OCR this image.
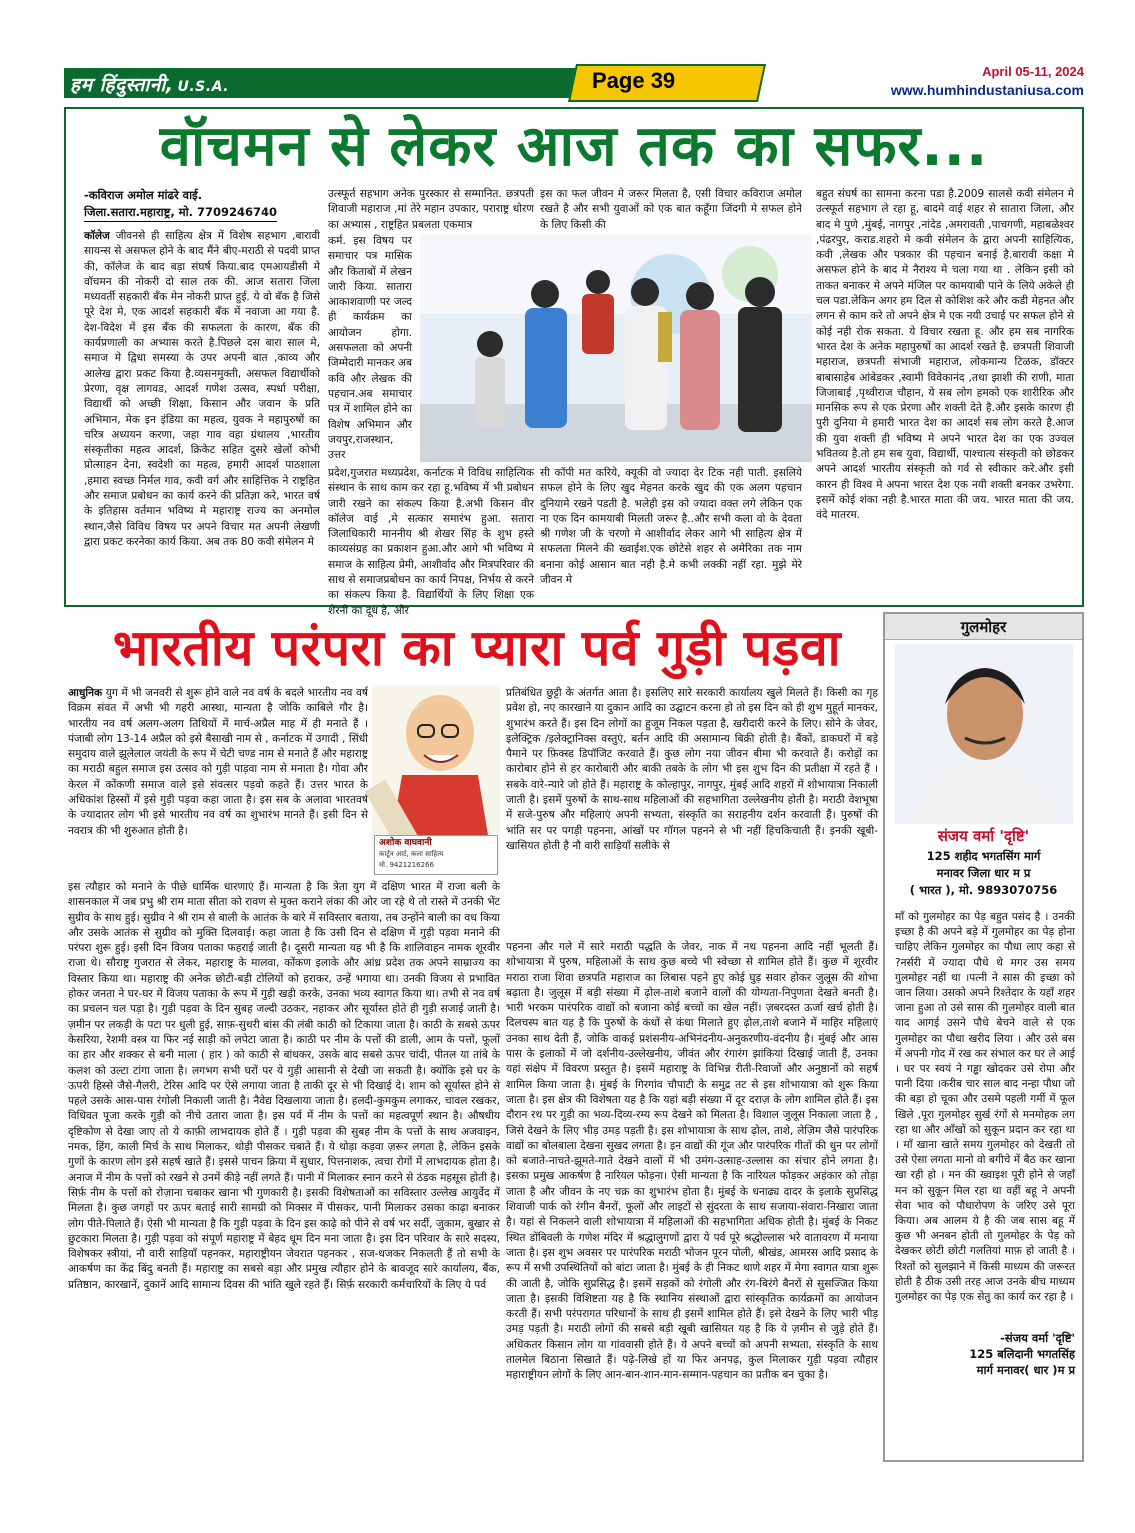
हम हिंदुस्तानी, U.S.A.	Page 39	April 05-11, 2024
www.humhindustaniusa.com
वॉचमन से लेकर आज तक का सफर...
-कविराज अमोल मांढरे वाई.
जिला.सतारा.महाराष्ट्र, मो. 7709246740
कॉलेज जीवनसे ही साहित्य क्षेत्र में विशेष सहभाग ,बारावी सायन्स से असफल होने के बाद मैंने बीए-मराठी से पदवी प्राप्त की, कॉलेज के बाद बड़ा संघर्ष किया.बाद एमआयडीसी मे वॉचमन की नोकरी दो साल तक की. आज सतारा जिला मध्यवर्ती सहकारी बँक मेन नोकरी प्राप्त हुई. ये वो बँक है जिसे पूरे देश मे, एक आदर्श सहकारी बँक में नवाजा आ गया है. देश-विदेश में इस बँक की सफलता के कारण, बँक की कार्यप्रणाली का अभ्यास करते है.पिछले दस बारा साल मे, समाज मे द्विधा समस्या के उपर अपनी बात ,काव्य और आलेख द्वारा प्रकट किया है.व्यसनमुक्ती, असफल विद्यार्थीको प्रेरणा, वृक्ष लागवड, आदर्श गणेश उत्सव, स्पर्धा परीक्षा, विद्यार्थी को अच्छी शिक्षा, किसान और जवान के प्रति अभिमान, मेक इन इंडिया का महत्व, युवक ने महापुरुषों का चरित्र अध्ययन करणा, जहा गाव वहा ग्रंथालय ,भारतीय संस्कृतीका महत्व आदर्श, क्रिकेट सहित दुसरे खेलों कोभी प्रोत्साहन देना, स्वदेशी का महत्व, हमारी आदर्श पाठशाला ,हमारा स्वच्छ निर्मल गाव, कवी वर्ग और साहित्तिक ने राष्ट्रहित और समाज प्रबोधन का कार्य करने की प्रतिज्ञा करे, भारत वर्ष के इतिहास वर्तमान भविष्य मे महाराष्ट्र राज्य का अनमोल स्थान,जैसे विविध विषय पर अपने विचार मत अपनी लेखणी द्वारा प्रकट करनेका कार्य किया. अब तक 80 कवी संमेलन मे
उत्स्फूर्त सहभाग अनेक पुरस्कार से सम्मानित. छत्रपती शिवाजी महाराज ,मां तेरे महान उपकार, पराराष्ट्र धोरण का अभ्यास , राष्ट्रहित प्रबलता एकमात्र
कर्म. इस विषय पर समाचार पत्र मासिक और किताबों में लेखन जारी किया. सातारा आकाशवाणी पर जल्द ही कार्यक्रम का आयोजन होगा. असफलता को अपनी जिम्मेदारी मानकर अब कवि और लेखक की पहचान.अब समाचार पत्र में शामिल होने का विशेष अभिमान और जयपुर,राजस्थान, उत्तर
प्रदेश,गुजरात मध्यप्रदेश, कर्नाटक मे विविध साहित्यिक संस्थान के साथ काम कर रहा हू.भविष्य में भी प्रबोधन जारी रखने का संकल्प किया है.अभी किसन वीर कॉलेज वाई ,मे सत्कार समारंभ हुआ. सतारा जिलाधिकारी माननीय श्री शेखर सिंह के शुभ हस्ते काव्यसंग्रह का प्रकाशन हुआ.और आगे भी भविष्य मे समाज के साहित्य प्रेमी, आशीर्वाद और मित्रपरिवार की साथ से समाजप्रबोधन का कार्य निपक्ष, निर्भय से करने का संकल्प किया है. विद्यार्थियों के लिए शिक्षा एक शेरनी का दूध है, और
इस का फल जीवन मे जरूर मिलता है, एसी विचार कविराज अमोल रखते है और सभी युवाओं को एक बात कहूँगा जिंदगी मे सफल होने के लिए किसी की
सी कॉपी मत करिये, क्यूकी वो ज्यादा देर टिक नही पाती. इसलिये सफल होने के लिए खुद मेहनत करके खुद की एक अलग पहचान दुनियामे रखने पडती है. भलेही इस को ज्यादा वक्त लगे लेकिन एक ना एक दिन कामयाबी मिलती जरूर है..और सभी कला वो के देवता श्री गणेश जी के चरणो मे आशीर्वाद लेकर आगे भी साहित्य क्षेत्र में सफलता मिलने की ख्वाईश.एक छोटेसे शहर से अमेरिका तक नाम बनाना कोई आसान बात नही है.मे कभी लक्की नहीं रहा. मुझे मेरे जीवन मे
बहुत संघर्ष का सामना करना पडा है.2009 सालसे कवी संमेलन मे उत्स्फूर्त सहभाग ले रहा हू, बादमे वाई शहर से सातारा जिला, और बाद मे पुणे ,मुंबई, नागपुर ,नांदेड ,अमरावती ,पाचगणी, महाबळेश्वर ,पंढरपुर, कराड.शहरो मे कवी संमेलन के द्वारा अपनी साहित्यिक, कवी ,लेखक और पत्रकार की पहचान बनाई है.बारावी कक्षा मे असफल होने के बाद मे नैराश्य मे चला गया था . लेकिन इसी को ताकत बनाकर मे अपने मंजिल पर कामयाबी पाने के लिये अकेले ही चल पडा.लेकिन अगर हम दिल से कोशिश करे और कडी मेहनत और लगन से काम करे तो अपने क्षेत्र मे एक नयी उचाई पर सफल होने से कोई नही रोक सकता. ये विचार रखता हू. और हम सब नागरिक भारत देश के अनेक महापुरुषों का आदर्श रखते है. छत्रपती शिवाजी महाराज, छत्रपती संभाजी महाराज, लोकमान्य टिळक, डॉक्टर बाबासाहेब आंबेडकर ,स्वामी विवेकानंद ,तथा झाशी की राणी, माता जिजाबाई ,पृथ्वीराज चौहान, ये सब लोग हमको एक शारीरिक और मानसिक रूप से एक प्रेरणा और शक्ती देते है.और इसके कारण ही पुरी दुनिया मे हमारी भारत देश का आदर्श सब लोग करते है.आज की युवा शक्ती ही भविष्य मे अपने भारत देश का एक उज्वल भवितव्य है.तो हम सब युवा, विद्यार्थी, पाश्चात्य संस्कृती को छोडकर अपने आदर्श भारतीय संस्कृती को गर्व से स्वीकार करे.और इसी कारन ही विश्व मे अपना भारत देश एक नयी शक्ती बनकर उभरेगा. इसमें कोई शंका नही है.भारत माता की जय. भारत माता की जय. वंदे मातरम.
भारतीय परंपरा का प्यारा पर्व गुड़ी पड़वा
आधुनिक युग में भी जनवरी से शुरू होने वाले नव वर्ष के बदले भारतीय नव वर्ष विक्रम संवत में अभी भी गहरी आस्था, मान्यता है जोकि काबिले गौर है। भारतीय नव वर्ष अलग-अलग तिथियों में मार्च-अप्रैल माह में ही मनाते हैं । पंजाबी लोग 13-14 अप्रैल को इसे बैसाखी नाम से , कर्नाटक में उगादी , सिंधी समुदाय वाले झूलेलाल जयंती के रूप में चेटी चण्ड नाम से मनाते हैं और महाराष्ट्र का मराठी बहुल समाज इस उत्सव को गुड़ी पाड़वा नाम से मनाता है। गोवा और केरल में कोंकणी समाज वाले इसे संवत्सर पड़वो कहते हैं। उत्तर भारत के अधिकांश हिस्सों में इसे गुड़ी पड़वा कहा जाता है। इस सब के अलावा भारतवर्ष के ज्यादातर लोग भी इसे भारतीय नव वर्ष का शुभारंभ मानते हैं। इसी दिन से नवरात्र की भी शुरुआत होती है।
अशोक वाघवानी
कार्टून आर्ट, कला साहित्य
मो. 9421216266
इस त्यौहार को मनाने के पीछे धार्मिक धारणाएं हैं। मान्यता है कि त्रेता युग में दक्षिण भारत में राजा बली के शासनकाल में जब प्रभु श्री राम माता सीता को रावण से मुक्त कराने लंका की ओर जा रहे थे तो रास्ते में उनकी भेंट सुग्रीव के साथ हुई। सुग्रीव ने श्री राम से बाली के आतंक के बारे में सविस्तार बताया, तब उन्होंने बाली का वध किया और उसके आतंक से सुग्रीव को मुक्ति दिलवाई। कहा जाता है कि उसी दिन से दक्षिण में गुड़ी पड़वा मनाने की परंपरा शुरू हुई। इसी दिन विजय पताका फहराई जाती है। दूसरी मान्यता यह भी है कि शालिवाहन नामक शूरवीर राजा थे। सौराष्ट्र गुजरात से लेकर, महाराष्ट्र के मालवा, कोंकण इलाके और आंध्र प्रदेश तक अपने साम्राज्य का विस्तार किया था। महाराष्ट्र की अनेक छोटी-बड़ी टोलियों को हराकर, उन्हें भगाया था। उनकी विजय से प्रभावित होकर जनता ने घर-घर में विजय पताका के रूप में गुड़ी खड़ी करके, उनका भव्य स्वागत किया था। तभी से नव वर्ष का प्रचलन चल पड़ा है। गुड़ी पड़वा के दिन सुबह जल्दी उठकर, नहाकर और सूर्यास्त होते ही गुड़ी सजाई जाती है। ज़मीन पर लकड़ी के पटा पर धुली हुई, साफ़-सुथरी बांस की लंबी काठी को टिकाया जाता है। काठी के सबसे ऊपर केसरिया, रेशमी वस्त्र या फिर नई साड़ी को लपेटा जाता है। काठी पर नीम के पत्तों की डाली, आम के पत्तों, फूलों का हार और शक्कर से बनी माला ( हार ) को काठी से बांधकर, उसके बाद सबसे ऊपर चांदी, पीतल या तांबे के कलश को उल्टा टांगा जाता है। लगभग सभी घरों पर ये गुड़ी आसानी से देखी जा सकती है। क्योंकि इसे घर के ऊपरी हिस्से जैसे-गैलरी, टेरिस आदि पर ऐसे लगाया जाता है ताकी दूर से भी दिखाई दे। शाम को सूर्यास्त होने से पहले उसके आस-पास रंगोली निकाली जाती है। नैवेद्य दिखलाया जाता है। हलदी-कुमकुम लगाकर, चावल रखकर, विधिवत पूजा करके गुड़ी को नीचे उतारा जाता है। इस पर्व में नीम के पत्तों का महत्वपूर्ण स्थान है। औषधीय दृष्टिकोण से देखा जाए तो ये काफ़ी लाभदायक होते हैं । गुड़ी पड़वा की सुबह नीम के पत्तों के साथ अजवाइन, नमक, हिंग, काली मिर्च के साथ मिलाकर, थोड़ी पीसकर चबाते हैं। ये थोड़ा कड़वा ज़रूर लगता है, लेकिन इसके गुणों के कारण लोग इसे सहर्ष खाते हैं। इससे पाचन क्रिया में सुधार, पित्तनाशक, त्वचा रोगों में लाभदायक होता है। अनाज में नीम के पत्तों को रखने से उनमें कीड़े नहीं लगते हैं। पानी में मिलाकर स्नान करने से ठंडक महसूस होती है। सिर्फ़ नीम के पत्तों को रोज़ाना चबाकर खाना भी गुणकारी है। इसकी विशेषताओं का सविस्तार उल्लेख आयुर्वेद में मिलता है। कुछ जगहों पर ऊपर बताई सारी सामग्री को मिक्सर में पीसकर, पानी मिलाकर उसका काढ़ा बनाकर लोग पीते-पिलाते हैं। ऐसी भी मान्यता है कि गुड़ी पड़वा के दिन इस काढ़े को पीने से वर्ष भर सर्दी, जुकाम, बुखार से छुटकारा मिलता है। गुड़ी पड़वा को संपूर्ण महाराष्ट्र में बेहद धूम दिन मना जाता है। इस दिन परिवार के सारे सदस्य, विशेषकर स्त्रीयां, नौ वारी साड़ियाँ पहनकर, महाराष्ट्रीयन जेवरात पहनकर , सज-धजकर निकलती हैं तो सभी के आकर्षण का केंद्र बिंदु बनती हैं। महाराष्ट्र का सबसे बड़ा और प्रमुख त्यौहार होने के बावजूद सारे कार्यालय, बैंक, प्रतिष्ठान, कारखानें, दुकानें आदि सामान्य दिवस की भांति खुले रहते हैं। सिर्फ़ सरकारी कर्मचारियों के लिए ये पर्व
प्रतिबंधित छुट्टी के अंतर्गत आता है। इसलिए सारे सरकारी कार्यालय खुले मिलते हैं। किसी का गृह प्रवेश हो, नए कारखाने या दुकान आदि का उद्घाटन करना हो तो इस दिन को ही शुभ मुहूर्त मानकर, शुभारंभ करते हैं। इस दिन लोगों का हुजूम निकल पड़ता है, खरीदारी करने के लिए। सोने के जेवर, इलेक्ट्रिक /इलेक्ट्रानिक्स वस्तुएं, बर्तन आदि की असामान्य बिक्री होती है। बैंकों, डाकघरों में बड़े पैमाने पर फ़िक्स्ड डिपॉजिट करवाते हैं। कुछ लोग नया जीवन बीमा भी करवाते हैं। करोड़ों का कारोबार होने से हर कारोबारी और बाकी तबके के लोग भी इस शुभ दिन की प्रतीक्षा में रहते हैं । सबके वारे-न्यारे जो होते हैं। महाराष्ट्र के कोल्हापुर, नागपुर, मुंबई आदि शहरों में शोभायात्रा निकाली जाती है। इसमें पुरुषों के साथ-साथ महिलाओं की सहभागिता उल्लेखनीय होती है। मराठी वेशभूषा में सजे-पुरुष और महिलाएं अपनी सभ्यता, संस्कृति का सराहनीय दर्शन करवाती हैं। पुरुषों की भांति सर पर पगड़ी पहनना, आंखों पर गॉगल पहनने से भी नहीं हिचकिचाती हैं। इनकी खूबी-खासियत होती है नौ वारी साड़ियाँ सलीके से
पहनना और गले में सारे मराठी पद्धति के जेवर, नाक में नथ पहनना आदि नहीं भूलती हैं। शोभायात्रा में पुरुष, महिलाओं के साथ कुछ बच्चे भी स्वेच्छा से शामिल होते हैं। कुछ में शूरवीर मराठा राजा शिवा छत्रपति महाराज का लिबास पहने हुए कोई घुड़ सवार होकर जुलूस की शोभा बढ़ाता है। जुलूस में बड़ी संख्या में ढ़ोल-ताशे बजाने वालों की योग्यता-निपुणता देखते बनती है। भारी भरकम पारंपरिक वाद्यों को बजाना कोई बच्चों का खेल नहीं। ज़बरदस्त ऊर्जा खर्च होती है। दिलचस्प बात यह है कि पुरुषों के कंधों से कंधा मिलाते हुए ढ़ोल,ताशे बजाने में माहिर महिलाएं उनका साथ देती हैं, जोकि वाकई प्रशंसनीय-अभिनंदनीय-अनुकरणीय-वंदनीय है। मुंबई और आस पास के इलाकों में जो दर्शनीय-उल्लेखनीय, जीवंत और रंगारंग झांकियां दिखाई जाती हैं, उनका यहां संक्षेप में विवरण प्रस्तुत है। इसमें महाराष्ट्र के विभिन्न रीती-रिवाजों और अनुष्ठानों को सहर्ष शामिल किया जाता है। मुंबई के गिरगांव चौपाटी के समुद्र तट से इस शोभायात्रा को शुरू किया जाता है। इस क्षेत्र की विशेषता यह है कि यहां बड़ी संख्या में दूर दराज़ के लोग शामिल होते हैं। इस दौरान रथ पर गुड़ी का भव्य-दिव्य-रम्य रूप देखने को मिलता है। विशाल जुलूस निकाला जाता है , जिसे देखने के लिए भीड़ उमड़ पड़ती है। इस शोभायात्रा के साथ ढ़ोल, ताशे, लेज़िम जैसे पारंपरिक वाद्यों का बोलबाला देखना सुखद लगता है। इन वाद्यों की गूंज और पारंपरिक गीतों की धुन पर लोगों को बजाते-नाचते-झूमते-गाते देखने वालों में भी उमंग-उत्साह-उल्लास का संचार होने लगता है। इसका प्रमुख आकर्षण है नारियल फोड़ना। ऐसी मान्यता है कि नारियल फोड़कर अहंकार को तोड़ा जाता है और जीवन के नए चक्र का शुभारंभ होता है। मुंबई के धनाढ्य दादर के इलाके सुप्रसिद्ध शिवाजी पार्क को रंगीन बैनरों, फूलों और लाइटों से सुंदरता के साथ सजाया-संवारा-निखारा जाता है। यहां से निकलने वाली शोभायात्रा में महिलाओं की सहभागिता अधिक होती है। मुंबई के निकट स्थित डोंबिवली के गणेश मंदिर में श्रद्धालुगणों द्वारा ये पर्व पूरे श्रद्धोल्लास भरे वातावरण में मनाया जाता है। इस शुभ अवसर पर पारंपरिक मराठी भोजन पूरन पोली, श्रीखंड, आमरस आदि प्रसाद के रूप में सभी उपस्थितियों को बांटा जाता है। मुंबई के ही निकट थाणे शहर में मेगा स्वागत यात्रा शुरू की जाती है, जोकि सुप्रसिद्ध है। इसमें सड़कों को रंगोली और रंग-बिरंगे बैनरों से सुसज्जित किया जाता है। इसकी विशिष्टता यह है कि स्थानिय संस्थाओं द्वारा सांस्कृतिक कार्यक्रमों का आयोजन करती हैं। सभी परंपरागत परिधानों के साथ ही इसमें शामिल होते हैं। इसे देखने के लिए भारी भीड़ उमड़ पड़ती है। मराठी लोगों की सबसे बड़ी खूबी खासियत यह है कि ये ज़मीन से जुड़े होते हैं। अधिकतर किसान लोग या गांववासी होते हैं। ये अपने बच्चों को अपनी सभ्यता, संस्कृति के साथ तालमेल बिठाना सिखाते हैं। पढ़े-लिखे हों या फिर अनपढ़, कुल मिलाकर गुड़ी पड़वा त्यौहार महाराष्ट्रीयन लोगों के लिए आन-बान-शान-मान-सम्मान-पहचान का प्रतीक बन चुका है।
गुलमोहर
संजय वर्मा 'दृष्टि'
125 शहीद भगतसिंग मार्ग
मनावर जिला धार म प्र
( भारत ), मो. 9893070756
माँ को गुलमोहर का पेड़ बहुत पसंद है । उनकी इच्छा है की अपने बड़े में गुलमोहर का पेड़ होना चाहिए लेकिन गुलमोहर का पौधा लाए कहा से ?नर्सरी में ज्यादा पौधे थे मगर उस समय गुलमोहर नहीं था ।पत्नी ने सास की इच्छा को जान लिया। उसको अपने रिश्तेदार के यहाँ शहर जाना हुआ तो उसे सास की गुलमोहर वाली बात याद आगई उसने पौधे बेचने वाले से एक गुलमोहर का पौधा खरीद लिया । और उसे बस में अपनी गोद में रख कर संभाल कर घर ले आई । घर पर स्वयं ने गड्ढा खोदकर उसे रोपा और पानी दिया ।करीब चार साल बाद नन्हा पौधा जो की बड़ा हो चूका और उसमे पहली गर्मी में फूल खिले ,पूरा गुलमोहर सुर्ख रंगों से मनमोहक लग रहा था और आँखों को सुकून प्रदान कर रहा था । माँ खाना खाते समय गुलमोहर को देखती तो उसे ऐसा लगता मानो वो बगीचे में बैठ कर खाना खा रही हो । मन की ख्वाइश पूरी होने से जहाँ मन को सुकून मिल रहा था वहीं बहू ने अपनी सेवा भाव को पौधारोपण के जरिए उसे पूरा किया। अब आलम ये है की जब सास बहू में कुछ भी अनबन होती तो गुलमोहर के पेड़ को देखकर छोटी छोटी गलतियां माफ़ हो जाती है । रिश्तों को सुलझाने में किसी माध्यम की जरूरत होती है ठीक उसी तरह आज उनके बीच माध्यम गुलमोहर का पेड़ एक सेतु का कार्य कर रहा है ।
-संजय वर्मा 'दृष्टि'
125 बलिदानी भगतसिंह
मार्ग मनावर( धार )म प्र
